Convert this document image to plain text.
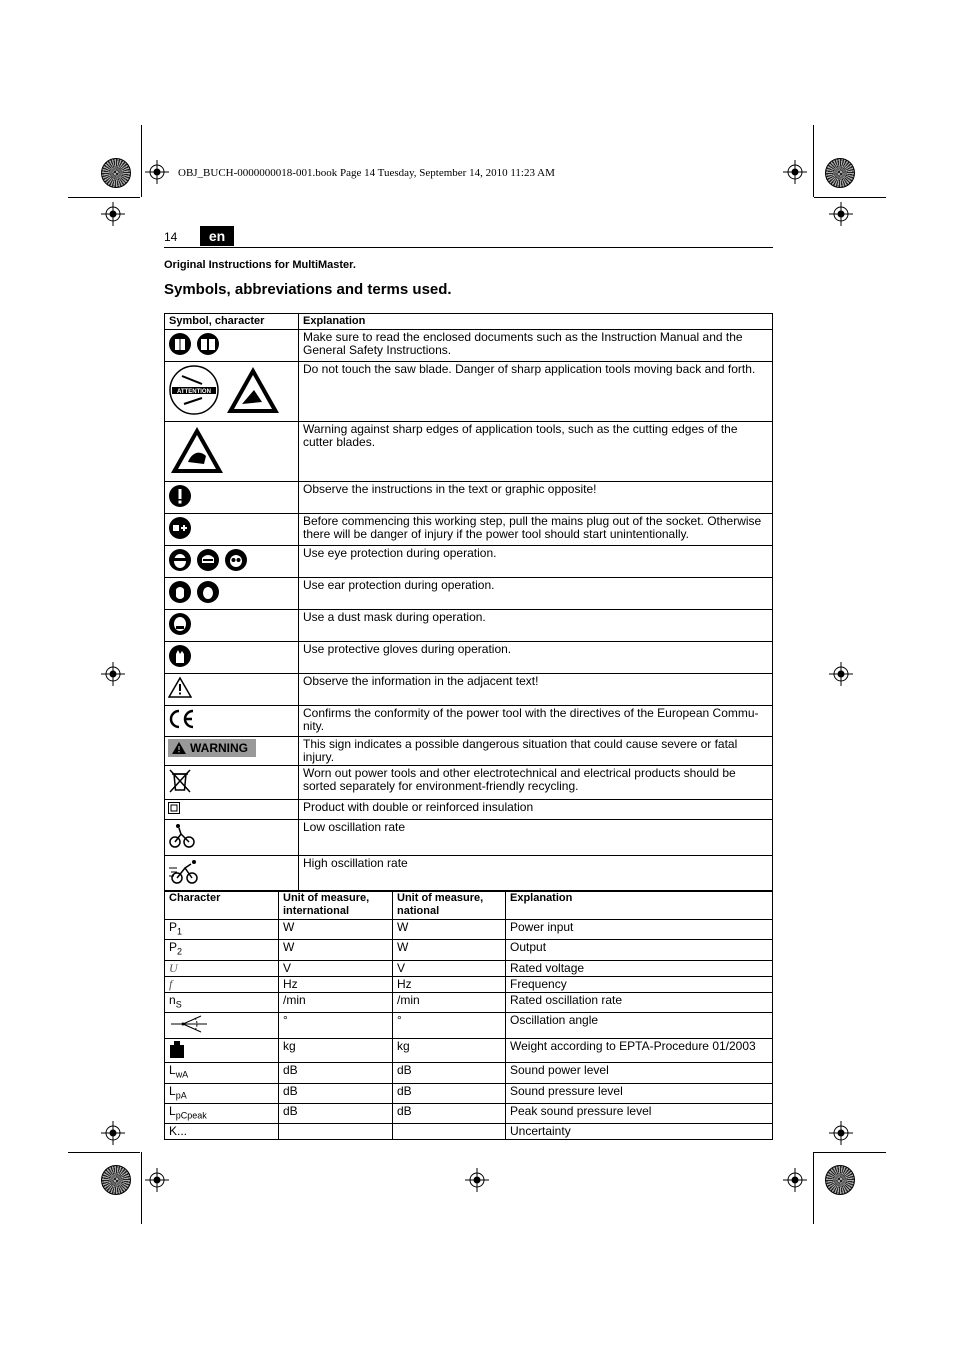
OBJ_BUCH-0000000018-001.book Page 14 Tuesday, September 14, 2010 11:23 AM
14	en
Original Instructions for MultiMaster.
Symbols, abbreviations and terms used.
Symbol, character	Explanation
	Make sure to read the enclosed documents such as the Instruction Manual and the General Safety Instructions.

ATTENTION	Do not touch the saw blade. Danger of sharp application tools moving back and forth.
	Warning against sharp edges of application tools, such as the cutting edges of the cutter blades.
	Observe the instructions in the text or graphic opposite!
	Before commencing this working step, pull the mains plug out of the socket. Otherwise there will be danger of injury if the power tool should start unintentionally.
	Use eye protection during operation.
	Use ear protection during operation.
	Use a dust mask during operation.
	Use protective gloves during operation.
	Observe the information in the adjacent text!
	Confirms the conformity of the power tool with the directives of the European Commu-nity.

WARNING	This sign indicates a possible dangerous situation that could cause severe or fatal injury.
	Worn out power tools and other electrotechnical and electrical products should be sorted separately for environment-friendly recycling.
	Product with double or reinforced insulation
	Low oscillation rate
	High oscillation rate
Character	Unit of measure, international	Unit of measure, national	Explanation
$P_1$	W	W	Power input
$P_2$	W	W	Output
U	V	V	Rated voltage
f	Hz	Hz	Frequency
$n_S$	/min	/min	Rated oscillation rate
	°	°	Oscillation angle
	kg	kg	Weight according to EPTA-Procedure 01/2003
$L_{wA}$	dB	dB	Sound power level
$L_{pA}$	dB	dB	Sound pressure level
$L_{pCpeak}$	dB	dB	Peak sound pressure level
K...			Uncertainty
